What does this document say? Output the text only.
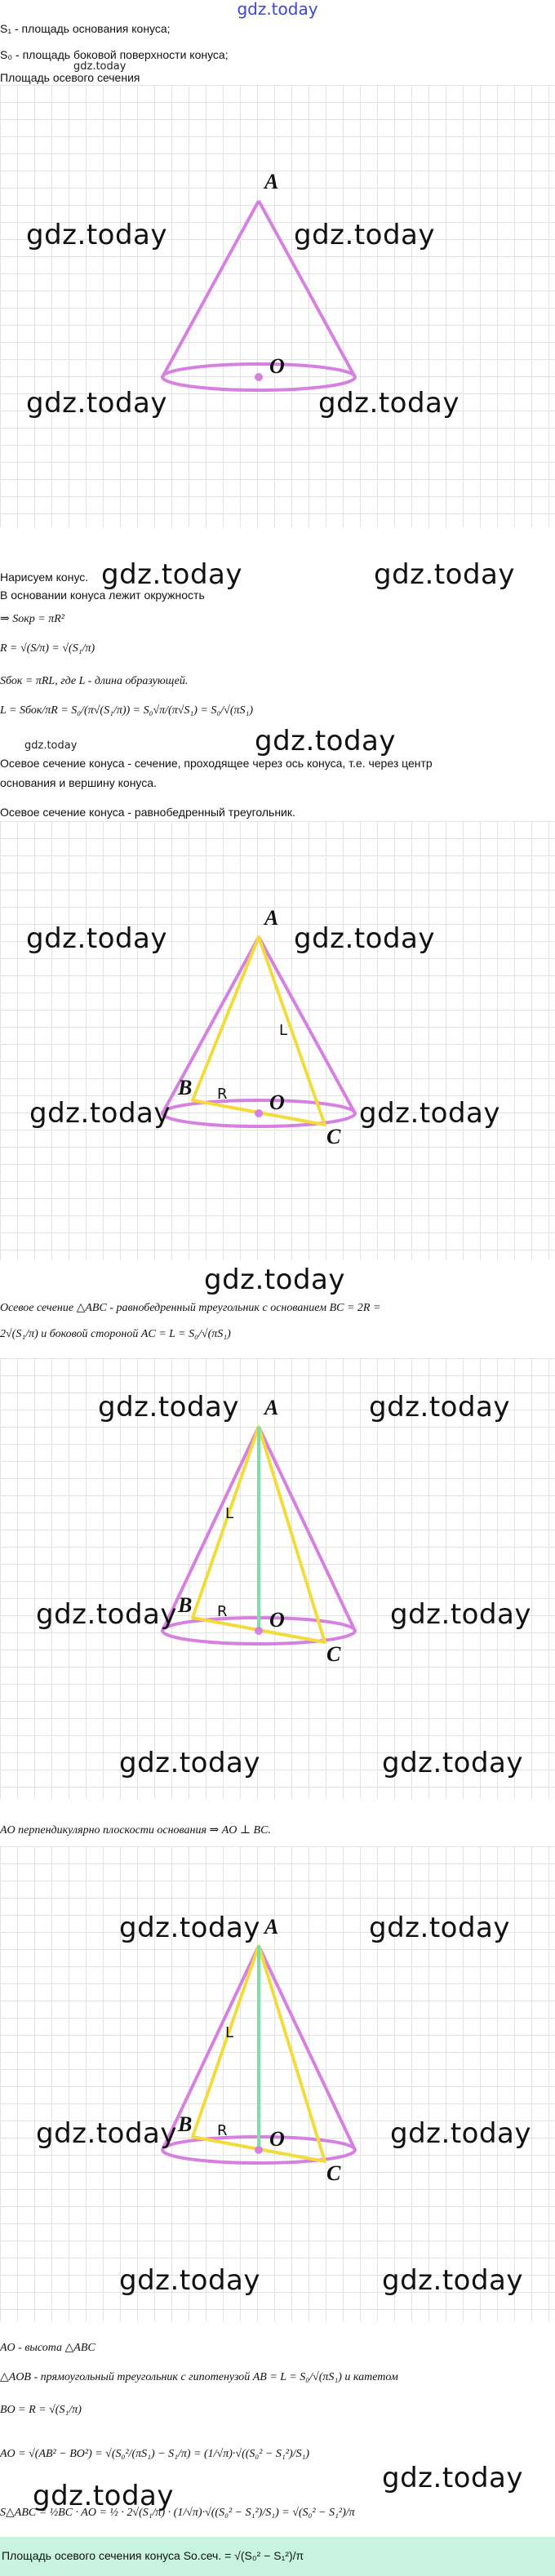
gdz.today
S₁ - площадь основания конуса;
S₀ - площадь боковой поверхности конуса;
gdz.today
Площадь осевого сечения
A
O
gdz.today	gdz.today
gdz.today	gdz.today
Нарисуем конус. gdz.today	gdz.today
В основании конуса лежит окружность
⇒ Sокр = πR²
R = √(S/π) = √(S₁/π)
Sбок = πRL, где L - длина образующей.
L = Sбок/πR = S₀/(π√(S₁/π)) = S₀√π/(π√S₁) = S₀/√(πS₁)
gdz.today	gdz.today
Осевое сечение конуса - сечение, проходящее через ось конуса, т.е. через центр
основания и вершину конуса.
Осевое сечение конуса - равнобедренный треугольник.
A
O
B
C
R
L
gdz.today	gdz.today
gdz.today	gdz.today
gdz.today
Осевое сечение △ABC - равнобедренный треугольник с основанием BC = 2R =
2√(S₁/π) и боковой стороной AC = L = S₀/√(πS₁)
A
O
B
C
R
L
gdz.today	gdz.today
gdz.today	gdz.today
gdz.today	gdz.today
AO перпендикулярно плоскости основания ⇒ AO ⊥ BC.
A
O
B
C
R
L
gdz.today	gdz.today
gdz.today	gdz.today
gdz.today	gdz.today
AO - высота △ABC
△AOB - прямоугольный треугольник с гипотенузой AB = L = S₀/√(πS₁) и катетом
BO = R = √(S₁/π)
AO = √(AB² − BO²) = √(S₀²/(πS₁) − S₁/π) = (1/√π)·√((S₀² − S₁²)/S₁)
gdz.today
gdz.today
S△ABC = ½BC · AO = ½ · 2√(S₁/π) · (1/√π)·√((S₀² − S₁²)/S₁) = √(S₀² − S₁²)/π
Площадь осевого сечения конуса Sо.сеч. = √(S₀² − S₁²)/π
